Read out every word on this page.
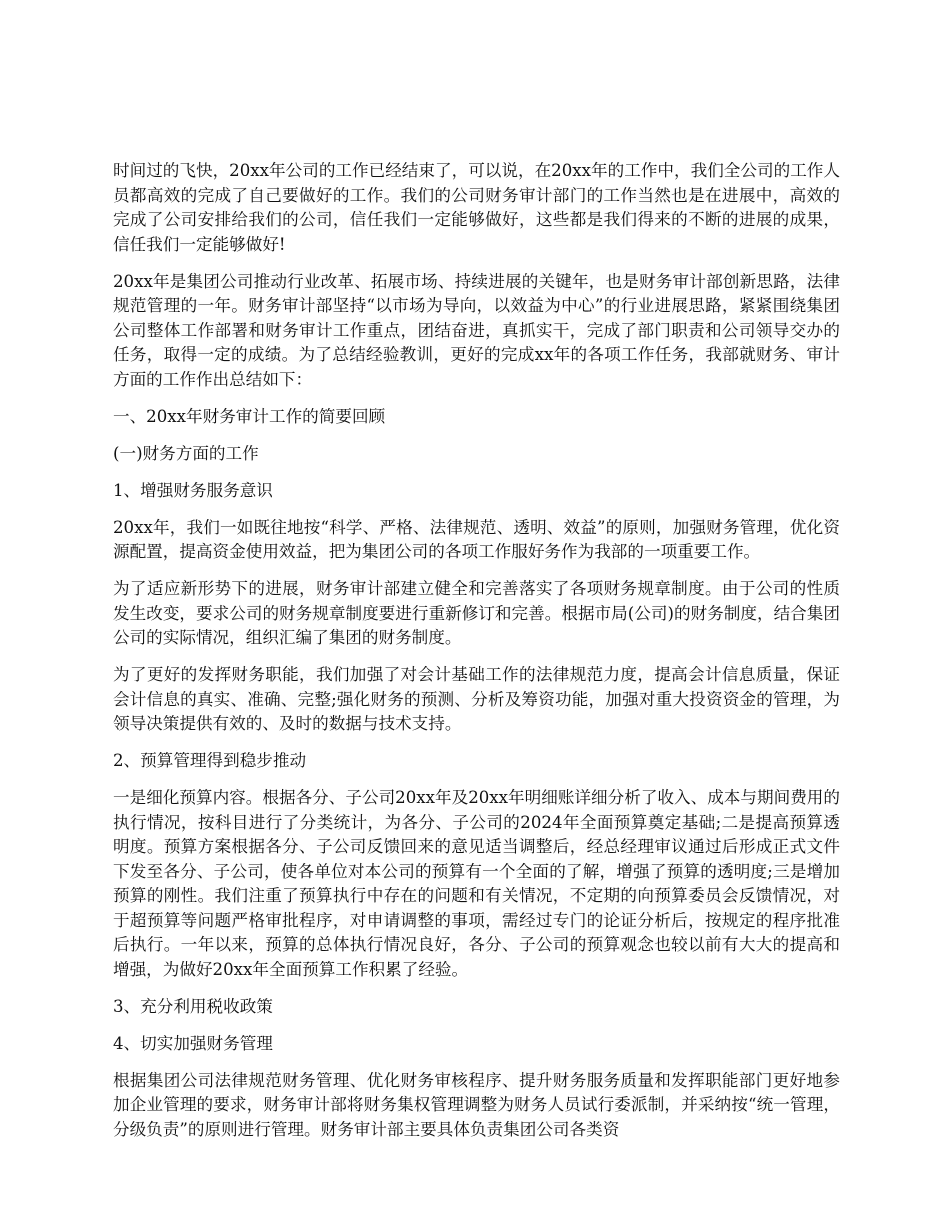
时间过的飞快，20xx年公司的工作已经结束了，可以说，在20xx年的工作中，我们全公司的工作人员都高效的完成了自己要做好的工作。我们的公司财务审计部门的工作当然也是在进展中，高效的完成了公司安排给我们的公司，信任我们一定能够做好，这些都是我们得来的不断的进展的成果，信任我们一定能够做好!

20xx年是集团公司推动行业改革、拓展市场、持续进展的关键年，也是财务审计部创新思路，法律规范管理的一年。财务审计部坚持“以市场为导向，以效益为中心”的行业进展思路，紧紧围绕集团公司整体工作部署和财务审计工作重点，团结奋进，真抓实干，完成了部门职责和公司领导交办的任务，取得一定的成绩。为了总结经验教训，更好的完成xx年的各项工作任务，我部就财务、审计方面的工作作出总结如下：

一、20xx年财务审计工作的简要回顾

(一)财务方面的工作

1、增强财务服务意识

20xx年，我们一如既往地按“科学、严格、法律规范、透明、效益”的原则，加强财务管理，优化资源配置，提高资金使用效益，把为集团公司的各项工作服好务作为我部的一项重要工作。

为了适应新形势下的进展，财务审计部建立健全和完善落实了各项财务规章制度。由于公司的性质发生改变，要求公司的财务规章制度要进行重新修订和完善。根据市局(公司)的财务制度，结合集团公司的实际情况，组织汇编了集团的财务制度。

为了更好的发挥财务职能，我们加强了对会计基础工作的法律规范力度，提高会计信息质量，保证会计信息的真实、准确、完整;强化财务的预测、分析及筹资功能，加强对重大投资资金的管理，为领导决策提供有效的、及时的数据与技术支持。

2、预算管理得到稳步推动

一是细化预算内容。根据各分、子公司20xx年及20xx年明细账详细分析了收入、成本与期间费用的执行情况，按科目进行了分类统计，为各分、子公司的2024年全面预算奠定基础;二是提高预算透明度。预算方案根据各分、子公司反馈回来的意见适当调整后，经总经理审议通过后形成正式文件下发至各分、子公司，使各单位对本公司的预算有一个全面的了解，增强了预算的透明度;三是增加预算的刚性。我们注重了预算执行中存在的问题和有关情况，不定期的向预算委员会反馈情况，对于超预算等问题严格审批程序，对申请调整的事项，需经过专门的论证分析后，按规定的程序批准后执行。一年以来，预算的总体执行情况良好，各分、子公司的预算观念也较以前有大大的提高和增强，为做好20xx年全面预算工作积累了经验。

3、充分利用税收政策

4、切实加强财务管理

根据集团公司法律规范财务管理、优化财务审核程序、提升财务服务质量和发挥职能部门更好地参加企业管理的要求，财务审计部将财务集权管理调整为财务人员试行委派制，并采纳按“统一管理，分级负责”的原则进行管理。财务审计部主要具体负责集团公司各类资
